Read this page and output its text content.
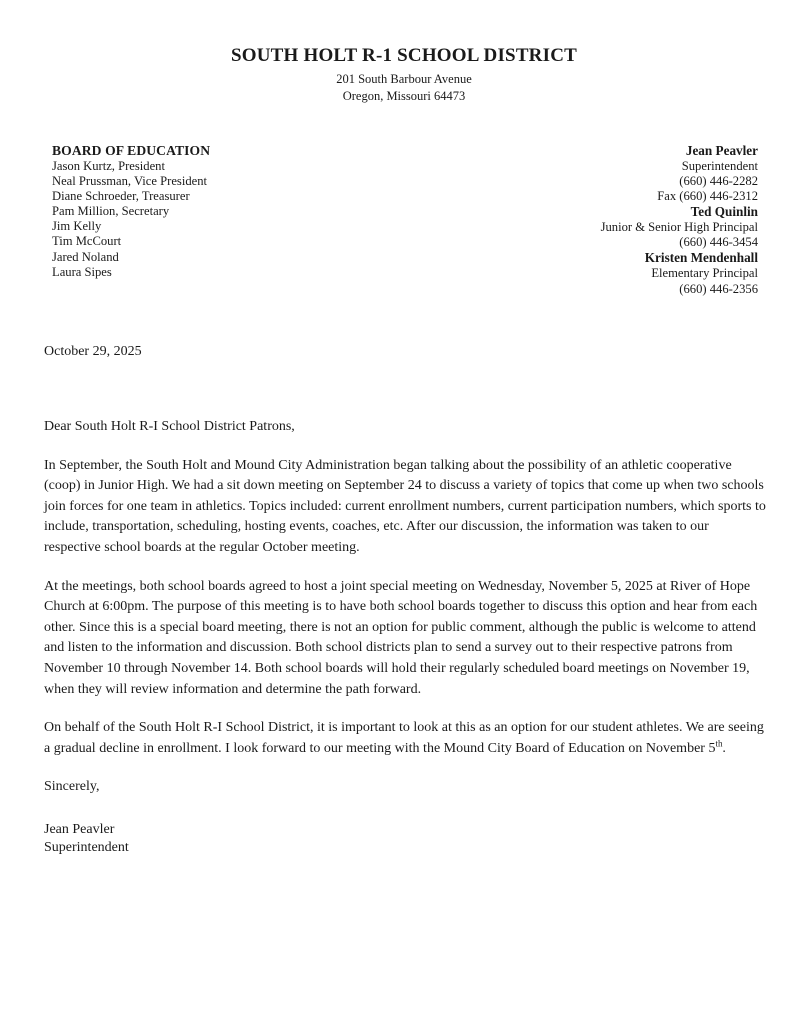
SOUTH HOLT R-1 SCHOOL DISTRICT
201 South Barbour Avenue
Oregon, Missouri 64473
BOARD OF EDUCATION
Jason Kurtz, President
Neal Prussman, Vice President
Diane Schroeder, Treasurer
Pam Million, Secretary
Jim Kelly
Tim McCourt
Jared Noland
Laura Sipes
Jean Peavler
Superintendent
(660) 446-2282
Fax (660) 446-2312
Ted Quinlin
Junior & Senior High Principal
(660) 446-3454
Kristen Mendenhall
Elementary Principal
(660) 446-2356
October 29, 2025

Dear South Holt R-I School District Patrons,

In September, the South Holt and Mound City Administration began talking about the possibility of an athletic cooperative (coop) in Junior High. We had a sit down meeting on September 24 to discuss a variety of topics that come up when two schools join forces for one team in athletics. Topics included: current enrollment numbers, current participation numbers, which sports to include, transportation, scheduling, hosting events, coaches, etc. After our discussion, the information was taken to our respective school boards at the regular October meeting.

At the meetings, both school boards agreed to host a joint special meeting on Wednesday, November 5, 2025 at River of Hope Church at 6:00pm. The purpose of this meeting is to have both school boards together to discuss this option and hear from each other. Since this is a special board meeting, there is not an option for public comment, although the public is welcome to attend and listen to the information and discussion. Both school districts plan to send a survey out to their respective patrons from November 10 through November 14. Both school boards will hold their regularly scheduled board meetings on November 19, when they will review information and determine the path forward.

On behalf of the South Holt R-I School District, it is important to look at this as an option for our student athletes. We are seeing a gradual decline in enrollment. I look forward to our meeting with the Mound City Board of Education on November 5th.

Sincerely,

Jean Peavler
Superintendent
